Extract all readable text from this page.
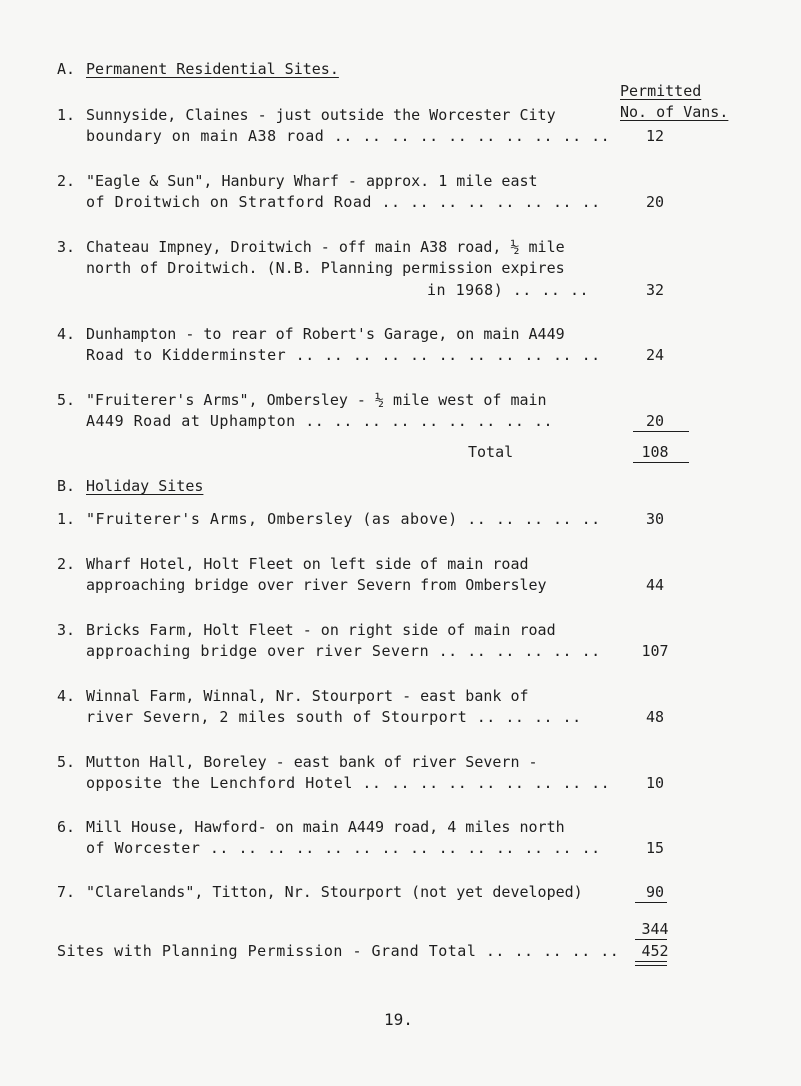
A. Permanent Residential Sites.
Permitted
No. of Vans.
1. Sunnyside, Claines - just outside the Worcester City
boundary on main A38 road .. .. .. .. .. .. .. .. .. ..	12
2. "Eagle & Sun", Hanbury Wharf - approx. 1 mile east
of Droitwich on Stratford Road .. .. .. .. .. .. .. ..	20
3. Chateau Impney, Droitwich - off main A38 road, ½ mile
north of Droitwich. (N.B. Planning permission expires
in 1968) .. .. ..	32
4. Dunhampton - to rear of Robert's Garage, on main A449
Road to Kidderminster .. .. .. .. .. .. .. .. .. .. ..	24
5. "Fruiterer's Arms", Ombersley - ½ mile west of main
A449 Road at Uphampton .. .. .. .. .. .. .. .. ..	20
Total	108
B. Holiday Sites
1. "Fruiterer's Arms, Ombersley (as above) .. .. .. .. ..	30
2. Wharf Hotel, Holt Fleet on left side of main road
approaching bridge over river Severn from Ombersley	44
3. Bricks Farm, Holt Fleet - on right side of main road
approaching bridge over river Severn .. .. .. .. .. ..	107
4. Winnal Farm, Winnal, Nr. Stourport - east bank of
river Severn, 2 miles south of Stourport .. .. .. ..	48
5. Mutton Hall, Boreley - east bank of river Severn -
opposite the Lenchford Hotel .. .. .. .. .. .. .. .. ..	10
6. Mill House, Hawford- on main A449 road, 4 miles north
of Worcester .. .. .. .. .. .. .. .. .. .. .. .. .. ..	15
7. "Clarelands", Titton, Nr. Stourport (not yet developed)	90
344
Sites with Planning Permission - Grand Total .. .. .. .. ..	452
19.
